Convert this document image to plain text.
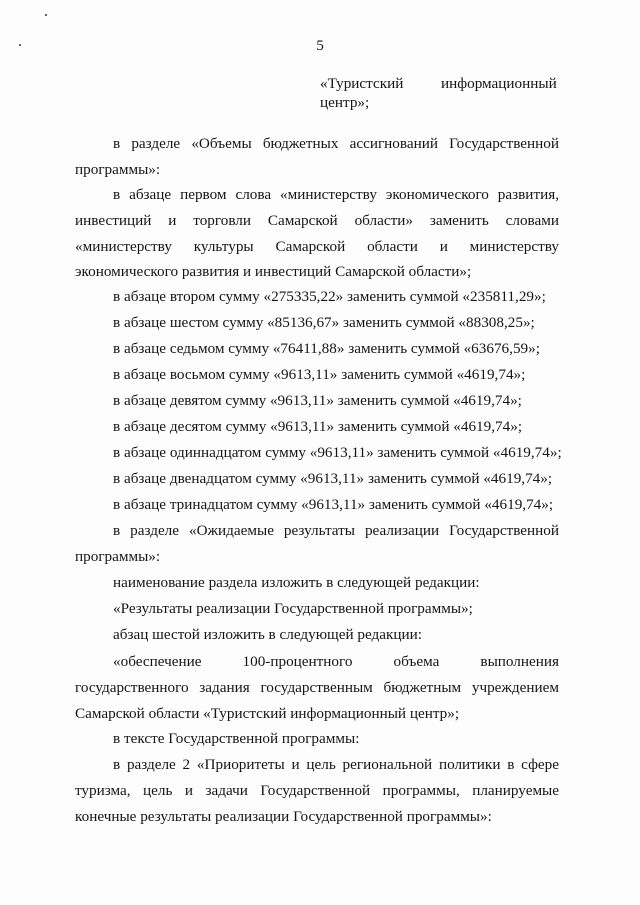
5
«Туристский информационный
центр»;
в разделе «Объемы бюджетных ассигнований Государственной
программы»:
в абзаце первом слова «министерству экономического развития,
инвестиций и торговли Самарской области» заменить словами
«министерству культуры Самарской области и министерству
экономического развития и инвестиций Самарской области»;
в абзаце втором сумму «275335,22» заменить суммой «235811,29»;
в абзаце шестом сумму «85136,67» заменить суммой «88308,25»;
в абзаце седьмом сумму «76411,88» заменить суммой «63676,59»;
в абзаце восьмом сумму «9613,11» заменить суммой «4619,74»;
в абзаце девятом сумму «9613,11» заменить суммой «4619,74»;
в абзаце десятом сумму «9613,11» заменить суммой «4619,74»;
в абзаце одиннадцатом сумму «9613,11» заменить суммой «4619,74»;
в абзаце двенадцатом сумму «9613,11» заменить суммой «4619,74»;
в абзаце тринадцатом сумму «9613,11» заменить суммой «4619,74»;
в разделе «Ожидаемые результаты реализации Государственной
программы»:
наименование раздела изложить в следующей редакции:
«Результаты реализации Государственной программы»;
абзац шестой изложить в следующей редакции:
«обеспечение 100-процентного объема выполнения
государственного задания государственным бюджетным учреждением
Самарской области «Туристский информационный центр»;
в тексте Государственной программы:
в разделе 2 «Приоритеты и цель региональной политики в сфере
туризма, цель и задачи Государственной программы, планируемые
конечные результаты реализации Государственной программы»:
